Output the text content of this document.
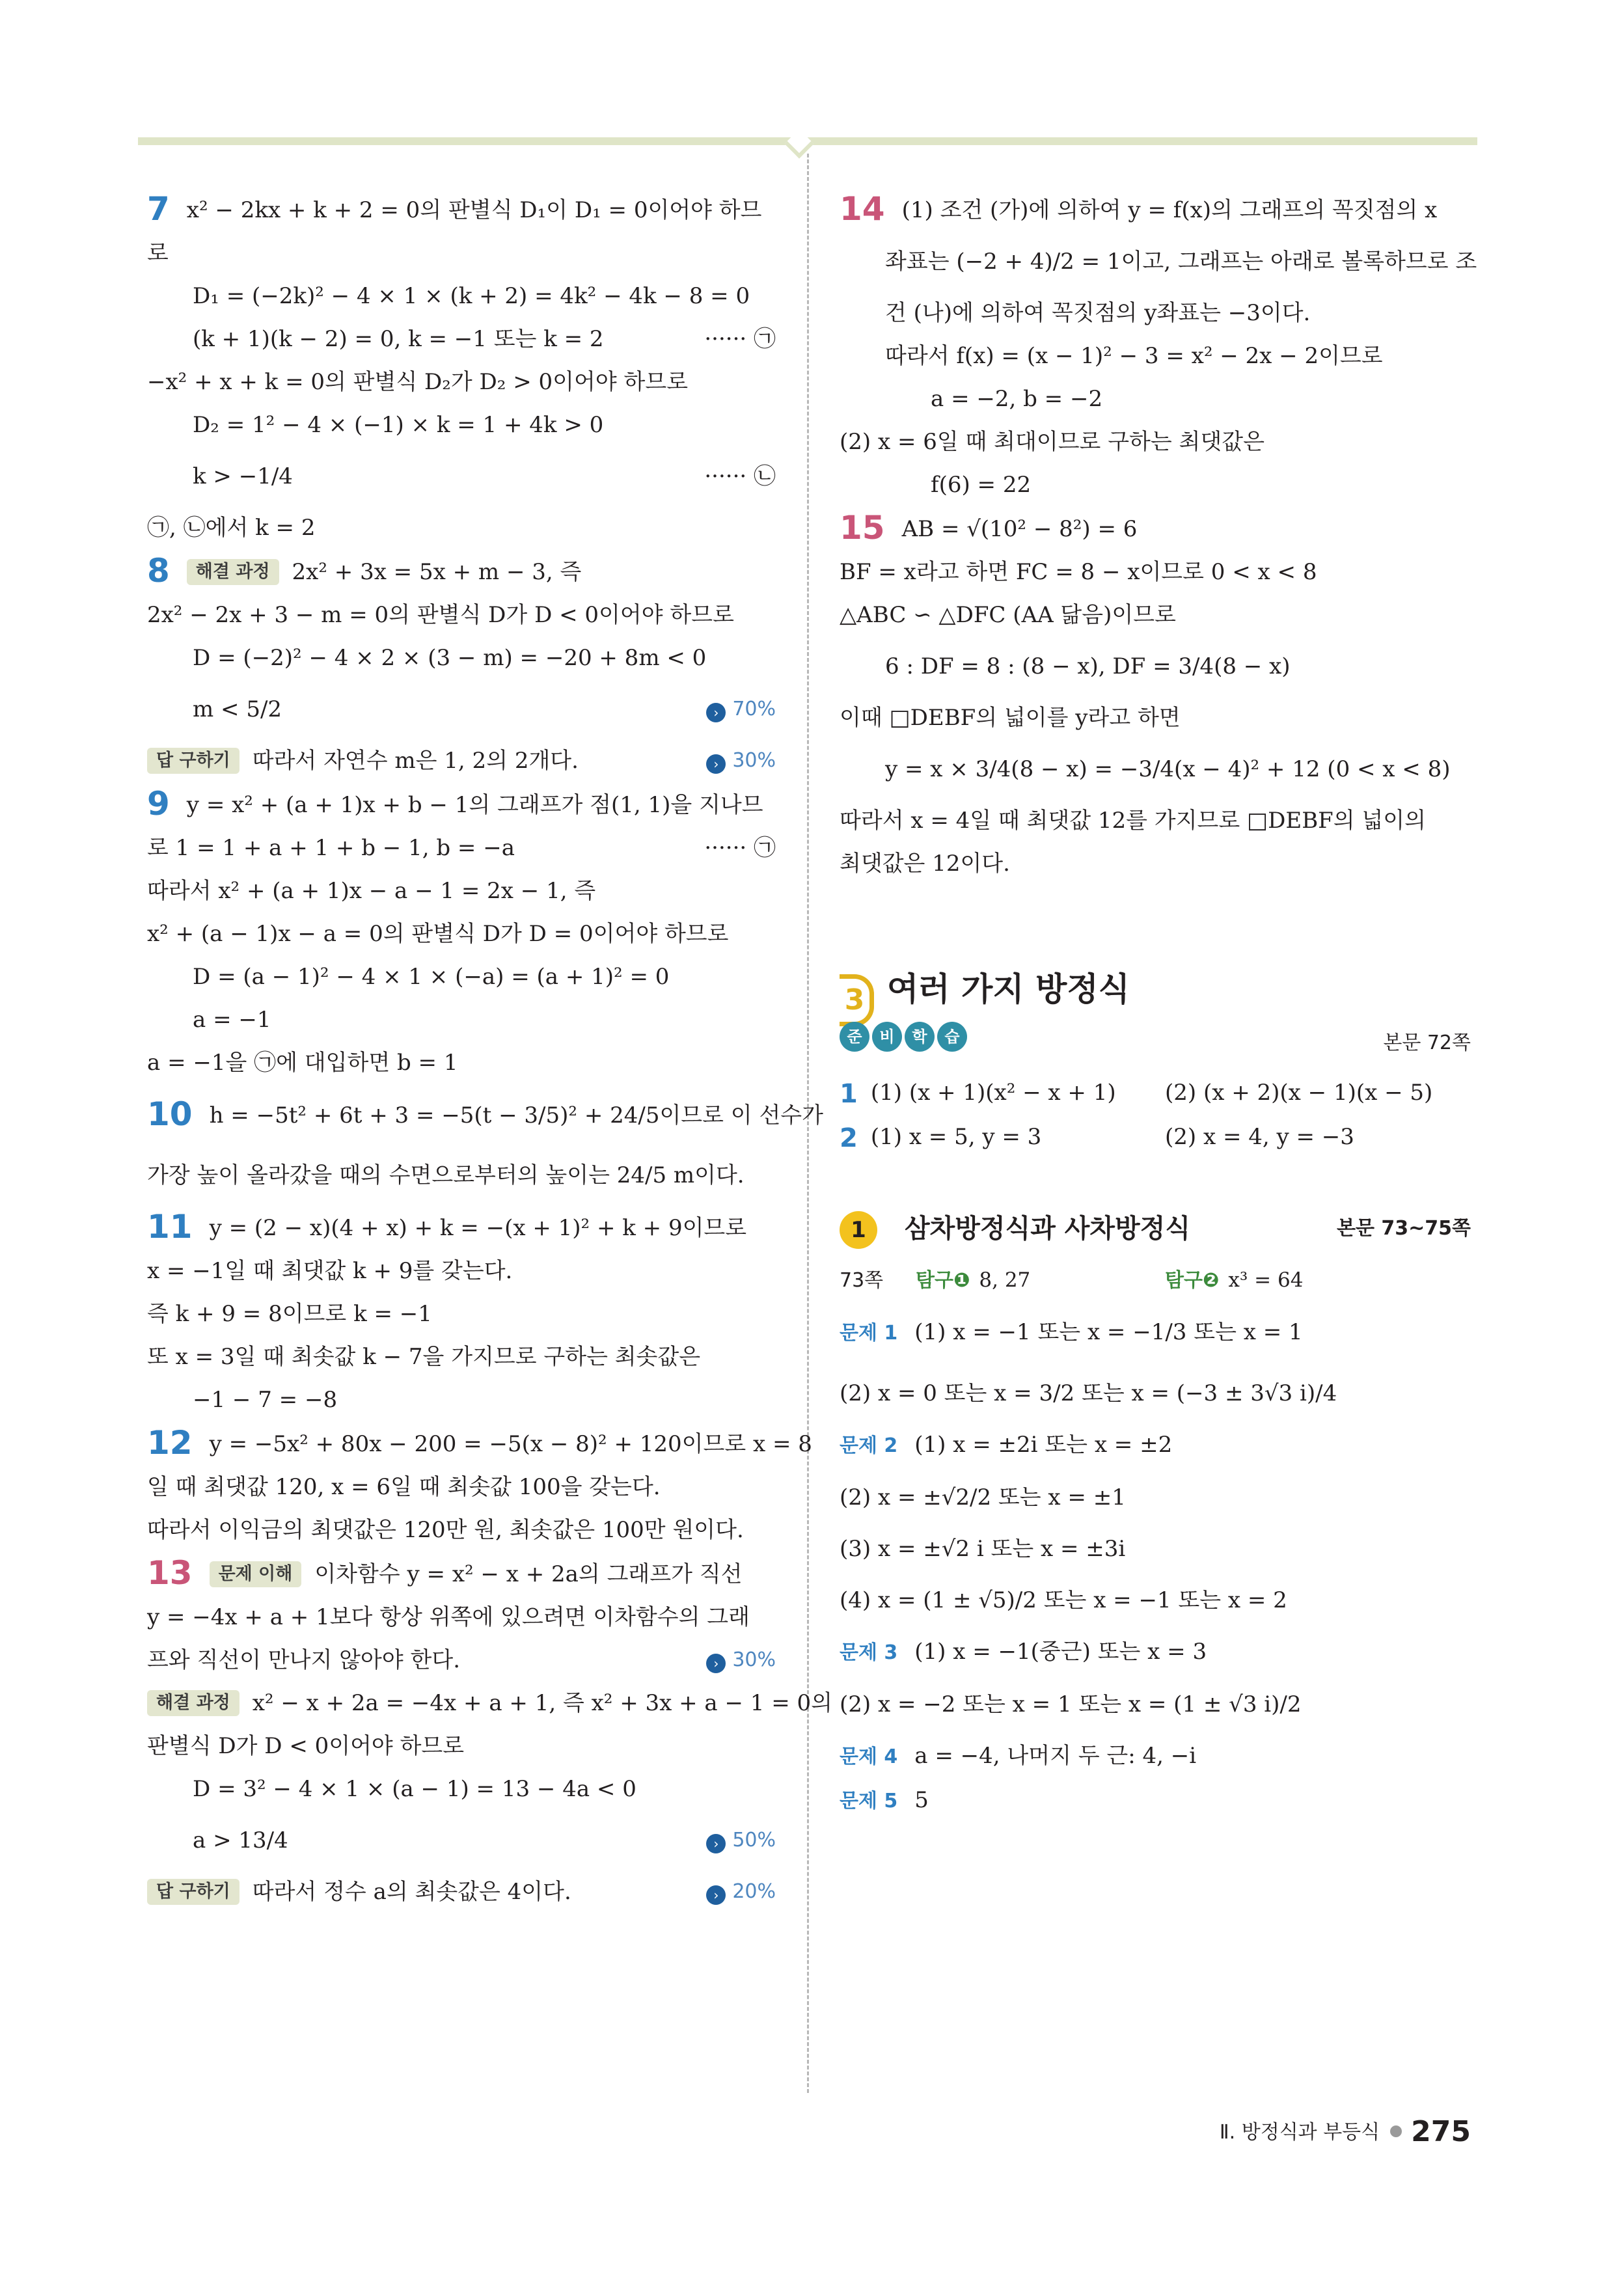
7 x² − 2kx + k + 2 = 0의 판별식 D₁이 D₁ = 0이어야 하므
로
D₁ = (−2k)² − 4 × 1 × (k + 2) = 4k² − 4k − 8 = 0
(k + 1)(k − 2) = 0, k = −1 또는 k = 2	······ ㉠
−x² + x + k = 0의 판별식 D₂가 D₂ > 0이어야 하므로
D₂ = 1² − 4 × (−1) × k = 1 + 4k > 0
k > −1/4	······ ㉡
㉠, ㉡에서 k = 2
8 해결 과정 2x² + 3x = 5x + m − 3, 즉
2x² − 2x + 3 − m = 0의 판별식 D가 D < 0이어야 하므로
D = (−2)² − 4 × 2 × (3 − m) = −20 + 8m < 0
m < 5/2	› 70%
답 구하기 따라서 자연수 m은 1, 2의 2개다.	› 30%
9 y = x² + (a + 1)x + b − 1의 그래프가 점(1, 1)을 지나므
로 1 = 1 + a + 1 + b − 1, b = −a	······ ㉠
따라서 x² + (a + 1)x − a − 1 = 2x − 1, 즉
x² + (a − 1)x − a = 0의 판별식 D가 D = 0이어야 하므로
D = (a − 1)² − 4 × 1 × (−a) = (a + 1)² = 0
a = −1
a = −1을 ㉠에 대입하면 b = 1
10 h = −5t² + 6t + 3 = −5(t − 3/5)² + 24/5이므로 이 선수가
가장 높이 올라갔을 때의 수면으로부터의 높이는 24/5 m이다.
11 y = (2 − x)(4 + x) + k = −(x + 1)² + k + 9이므로
x = −1일 때 최댓값 k + 9를 갖는다.
즉 k + 9 = 8이므로 k = −1
또 x = 3일 때 최솟값 k − 7을 가지므로 구하는 최솟값은
−1 − 7 = −8
12 y = −5x² + 80x − 200 = −5(x − 8)² + 120이므로 x = 8
일 때 최댓값 120, x = 6일 때 최솟값 100을 갖는다.
따라서 이익금의 최댓값은 120만 원, 최솟값은 100만 원이다.
13 문제 이해 이차함수 y = x² − x + 2a의 그래프가 직선
y = −4x + a + 1보다 항상 위쪽에 있으려면 이차함수의 그래
프와 직선이 만나지 않아야 한다.	› 30%
해결 과정 x² − x + 2a = −4x + a + 1, 즉 x² + 3x + a − 1 = 0의
판별식 D가 D < 0이어야 하므로
D = 3² − 4 × 1 × (a − 1) = 13 − 4a < 0
a > 13/4	› 50%
답 구하기 따라서 정수 a의 최솟값은 4이다.	› 20%
14 (1) 조건 (가)에 의하여 y = f(x)의 그래프의 꼭짓점의 x
좌표는 (−2 + 4)/2 = 1이고, 그래프는 아래로 볼록하므로 조
건 (나)에 의하여 꼭짓점의 y좌표는 −3이다.
따라서 f(x) = (x − 1)² − 3 = x² − 2x − 2이므로
a = −2, b = −2
(2) x = 6일 때 최대이므로 구하는 최댓값은
f(6) = 22
15 AB = √(10² − 8²) = 6
BF = x라고 하면 FC = 8 − x이므로 0 < x < 8
△ABC ∽ △DFC (AA 닮음)이므로
6 : DF = 8 : (8 − x), DF = 3/4(8 − x)
이때 □DEBF의 넓이를 y라고 하면
y = x × 3/4(8 − x) = −3/4(x − 4)² + 12 (0 < x < 8)
따라서 x = 4일 때 최댓값 12를 가지므로 □DEBF의 넓이의
최댓값은 12이다.
3 여러 가지 방정식
준 비 학 습	본문 72쪽
1 (1) (x + 1)(x² − x + 1) (2) (x + 2)(x − 1)(x − 5)
2 (1) x = 5, y = 3	(2) x = 4, y = −3
1 삼차방정식과 사차방정식	본문 73~75쪽
73쪽 탐구❶ 8, 27	탐구❷ x³ = 64
문제 1 (1) x = −1 또는 x = −1/3 또는 x = 1
(2) x = 0 또는 x = 3/2 또는 x = (−3 ± 3√3 i)/4
문제 2 (1) x = ±2i 또는 x = ±2
(2) x = ±√2/2 또는 x = ±1
(3) x = ±√2 i 또는 x = ±3i
(4) x = (1 ± √5)/2 또는 x = −1 또는 x = 2
문제 3 (1) x = −1(중근) 또는 x = 3
(2) x = −2 또는 x = 1 또는 x = (1 ± √3 i)/2
문제 4 a = −4, 나머지 두 근: 4, −i
문제 5 5
Ⅱ. 방정식과 부등식 275
